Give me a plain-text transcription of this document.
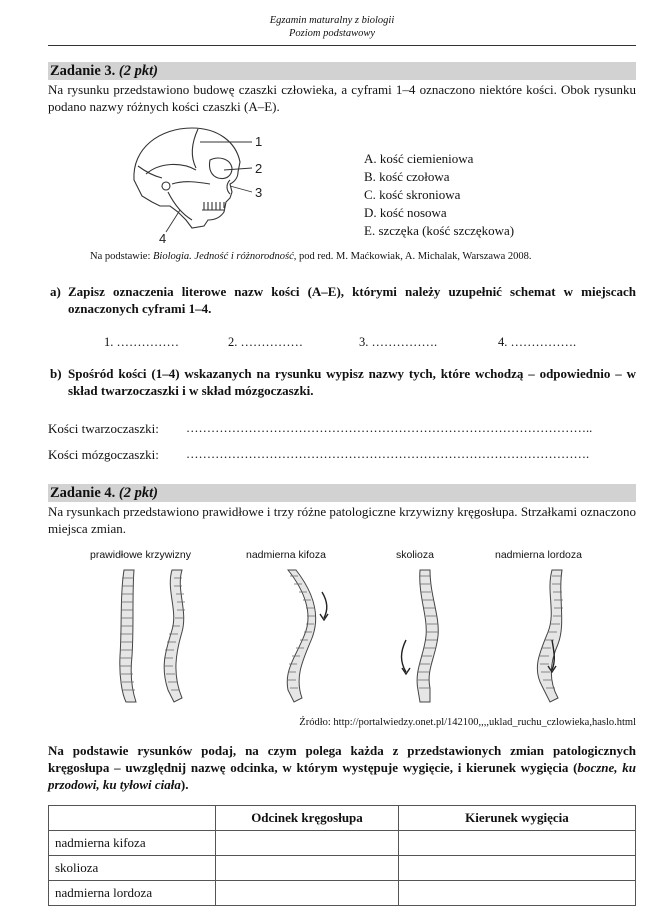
Egzamin maturalny z biologii
Poziom podstawowy
Zadanie 3. (2 pkt)
Na rysunku przedstawiono budowę czaszki człowieka, a cyframi 1–4 oznaczono niektóre kości. Obok rysunku podano nazwy różnych kości czaszki (A–E).
1
2
3
4
A. kość ciemieniowa
B. kość czołowa
C. kość skroniowa
D. kość nosowa
E. szczęka (kość szczękowa)
Na podstawie: Biologia. Jedność i różnorodność, pod red. M. Maćkowiak, A. Michalak, Warszawa 2008.
a) Zapisz oznaczenia literowe nazw kości (A–E), którymi należy uzupełnić schemat w miejscach oznaczonych cyframi 1–4.
1. ……………	2. ……………	3. …………….	4. …………….
b) Spośród kości (1–4) wskazanych na rysunku wypisz nazwy tych, które wchodzą – odpowiednio – w skład twarzoczaszki i w skład mózgoczaszki.
Kości twarzoczaszki: ……………………………………………………………………………………..
Kości mózgoczaszki: …………………………………………………………………………………….
Zadanie 4. (2 pkt)
Na rysunkach przedstawiono prawidłowe i trzy różne patologiczne krzywizny kręgosłupa. Strzałkami oznaczono miejsca zmian.
prawidłowe krzywizny	nadmierna kifoza	skolioza	nadmierna lordoza
Źródło: http://portalwiedzy.onet.pl/142100,,,,uklad_ruchu_czlowieka,haslo.html
Na podstawie rysunków podaj, na czym polega każda z przedstawionych zmian patologicznych kręgosłupa – uwzględnij nazwę odcinka, w którym występuje wygięcie, i kierunek wygięcia (boczne, ku przodowi, ku tyłowi ciała).
	Odcinek kręgosłupa	Kierunek wygięcia
nadmierna kifoza		
skolioza		
nadmierna lordoza		
